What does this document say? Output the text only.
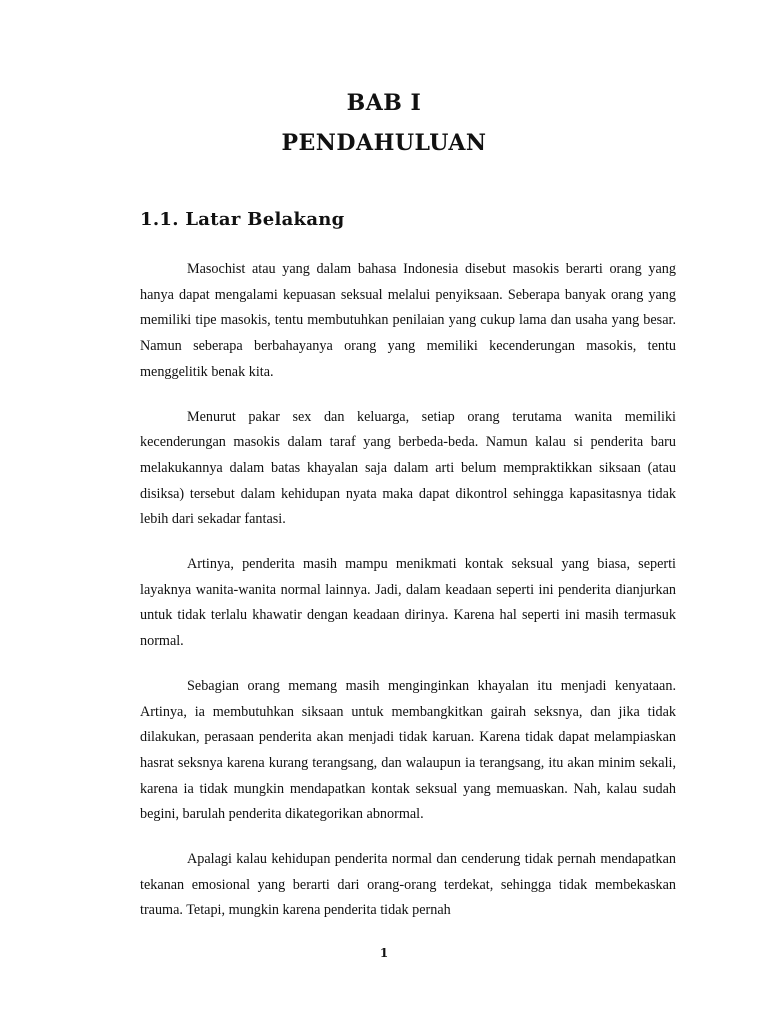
BAB I
PENDAHULUAN
1.1. Latar Belakang

Masochist atau yang dalam bahasa Indonesia disebut masokis berarti orang yang hanya dapat mengalami kepuasan seksual melalui penyiksaan. Seberapa banyak orang yang memiliki tipe masokis, tentu membutuhkan penilaian yang cukup lama dan usaha yang besar. Namun seberapa berbahayanya orang yang memiliki kecenderungan masokis, tentu menggelitik benak kita.

Menurut pakar sex dan keluarga, setiap orang terutama wanita memiliki kecenderungan masokis dalam taraf yang berbeda-beda. Namun kalau si penderita baru melakukannya dalam batas khayalan saja dalam arti belum mempraktikkan siksaan (atau disiksa) tersebut dalam kehidupan nyata maka dapat dikontrol sehingga kapasitasnya tidak lebih dari sekadar fantasi.

Artinya, penderita masih mampu menikmati kontak seksual yang biasa, seperti layaknya wanita-wanita normal lainnya. Jadi, dalam keadaan seperti ini penderita dianjurkan untuk tidak terlalu khawatir dengan keadaan dirinya. Karena hal seperti ini masih termasuk normal.

Sebagian orang memang masih menginginkan khayalan itu menjadi kenyataan. Artinya, ia membutuhkan siksaan untuk membangkitkan gairah seksnya, dan jika tidak dilakukan, perasaan penderita akan menjadi tidak karuan. Karena tidak dapat melampiaskan hasrat seksnya karena kurang terangsang, dan walaupun ia terangsang, itu akan minim sekali, karena ia tidak mungkin mendapatkan kontak seksual yang memuaskan. Nah, kalau sudah begini, barulah penderita dikategorikan abnormal.

Apalagi kalau kehidupan penderita normal dan cenderung tidak pernah mendapatkan tekanan emosional yang berarti dari orang-orang terdekat, sehingga tidak membekaskan trauma. Tetapi, mungkin karena penderita tidak pernah

1
